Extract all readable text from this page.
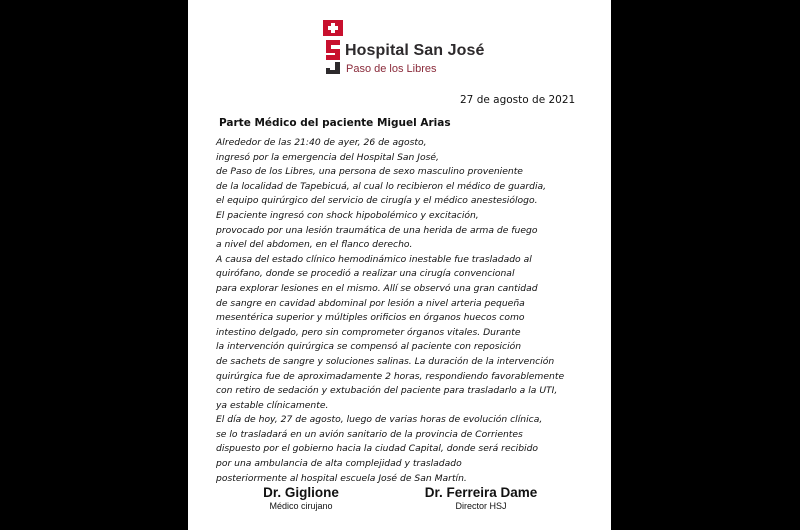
Hospital San José
Paso de los Libres
27 de agosto de 2021
Parte Médico del paciente Miguel Arias
Alrededor de las 21:40 de ayer, 26 de agosto,
ingresó por la emergencia del Hospital San José,
de Paso de los Libres, una persona de sexo masculino proveniente
de la localidad de Tapebicuá, al cual lo recibieron el médico de guardia,
el equipo quirúrgico del servicio de cirugía y el médico anestesiólogo.
El paciente ingresó con shock hipobolémico y excitación,
provocado por una lesión traumática de una herida de arma de fuego
a nivel del abdomen, en el flanco derecho.
A causa del estado clínico hemodinámico inestable fue trasladado al
quirófano, donde se procedió a realizar una cirugía convencional
para explorar lesiones en el mismo. Allí se observó una gran cantidad
de sangre en cavidad abdominal por lesión a nivel arteria pequeña
mesentérica superior y múltiples orificios en órganos huecos como
intestino delgado, pero sin comprometer órganos vitales. Durante
la intervención quirúrgica se compensó al paciente con reposición
de sachets de sangre y soluciones salinas. La duración de la intervención
quirúrgica fue de aproximadamente 2 horas, respondiendo favorablemente
con retiro de sedación y extubación del paciente para trasladarlo a la UTI,
ya estable clínicamente.
El día de hoy, 27 de agosto, luego de varias horas de evolución clínica,
se lo trasladará en un avión sanitario de la provincia de Corrientes
dispuesto por el gobierno hacia la ciudad Capital, donde será recibido
por una ambulancia de alta complejidad y trasladado
posteriormente al hospital escuela José de San Martín.
Dr. Giglione
Médico cirujano
Dr. Ferreira Dame
Director HSJ
